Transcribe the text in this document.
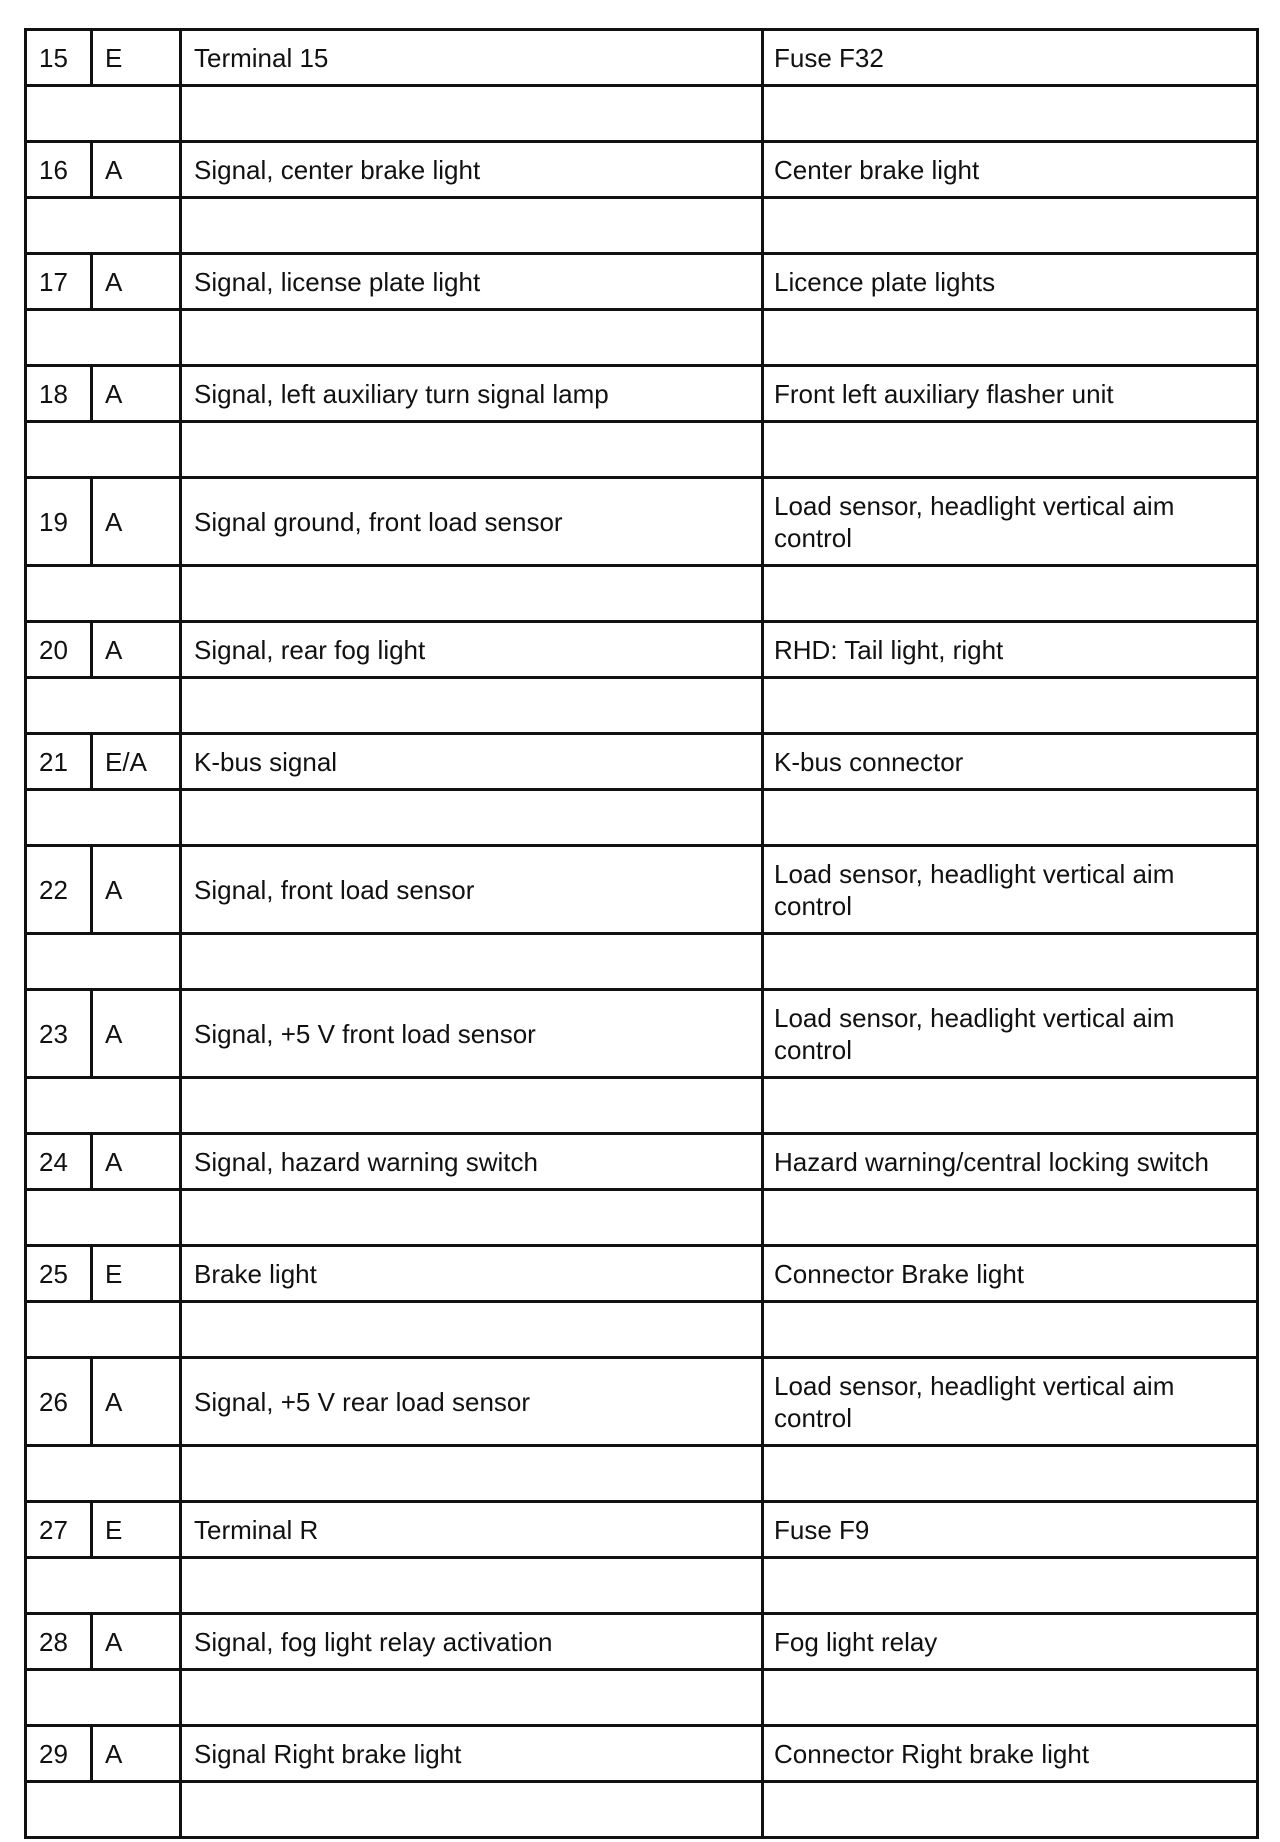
15	E	Terminal 15	Fuse F32

16	A	Signal, center brake light	Center brake light

17	A	Signal, license plate light	Licence plate lights

18	A	Signal, left auxiliary turn signal lamp	Front left auxiliary flasher unit

19	A	Signal ground, front load sensor	Load sensor, headlight vertical aim control

20	A	Signal, rear fog light	RHD: Tail light, right

21	E/A	K-bus signal	K-bus connector

22	A	Signal, front load sensor	Load sensor, headlight vertical aim control

23	A	Signal, +5 V front load sensor	Load sensor, headlight vertical aim control

24	A	Signal, hazard warning switch	Hazard warning/central locking switch

25	E	Brake light	Connector Brake light

26	A	Signal, +5 V rear load sensor	Load sensor, headlight vertical aim control

27	E	Terminal R	Fuse F9

28	A	Signal, fog light relay activation	Fog light relay

29	A	Signal Right brake light	Connector Right brake light
